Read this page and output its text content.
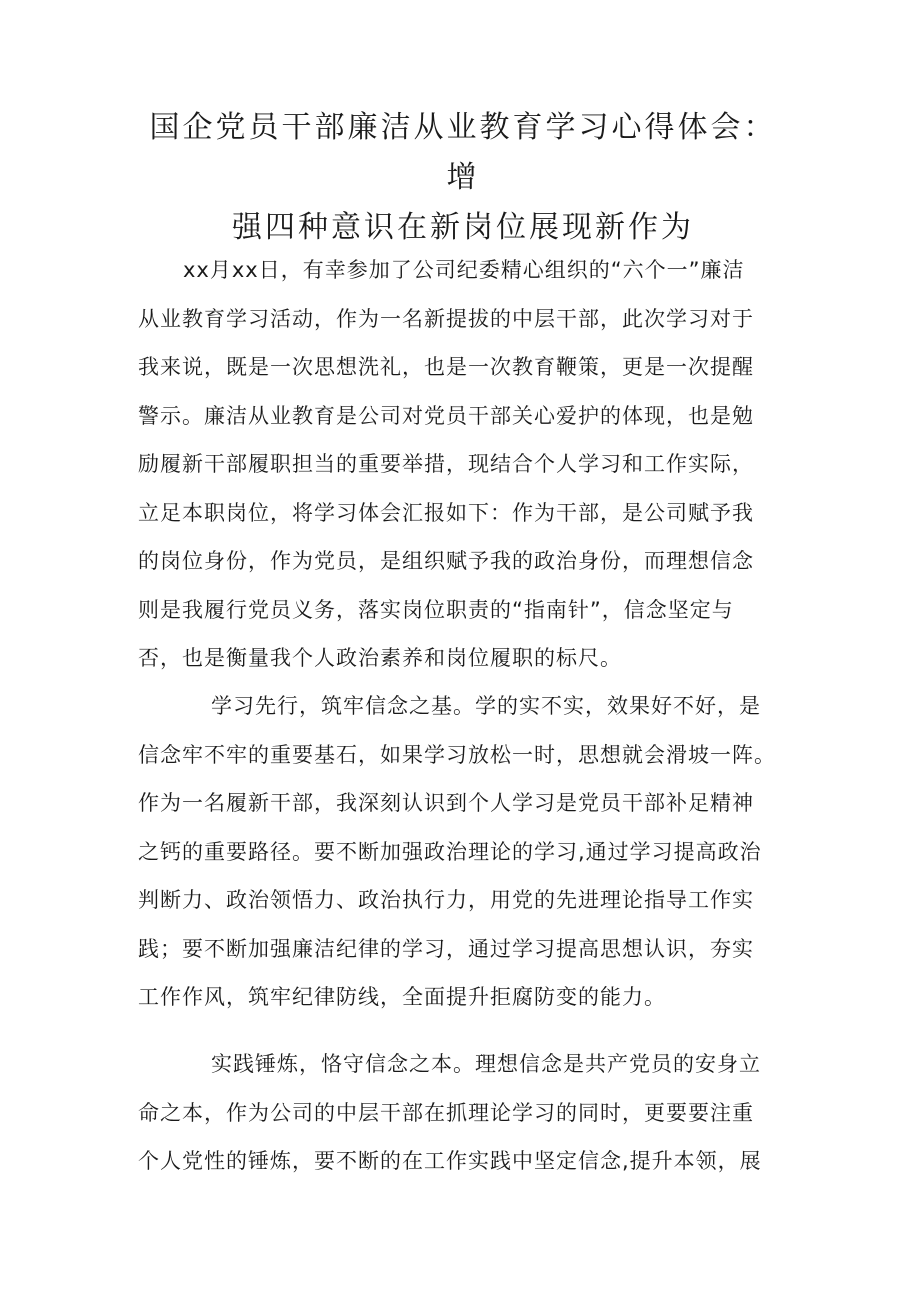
国企党员干部廉洁从业教育学习心得体会：增
强四种意识在新岗位展现新作为

xx月xx日，有幸参加了公司纪委精心组织的“六个一”廉洁
从业教育学习活动，作为一名新提拔的中层干部，此次学习对于
我来说，既是一次思想洗礼，也是一次教育鞭策，更是一次提醒
警示。廉洁从业教育是公司对党员干部关心爱护的体现，也是勉
励履新干部履职担当的重要举措，现结合个人学习和工作实际，
立足本职岗位，将学习体会汇报如下：作为干部，是公司赋予我
的岗位身份，作为党员，是组织赋予我的政治身份，而理想信念
则是我履行党员义务，落实岗位职责的“指南针”，信念坚定与
否，也是衡量我个人政治素养和岗位履职的标尺。

学习先行，筑牢信念之基。学的实不实，效果好不好，是
信念牢不牢的重要基石，如果学习放松一时，思想就会滑坡一阵。
作为一名履新干部，我深刻认识到个人学习是党员干部补足精神
之钙的重要路径。要不断加强政治理论的学习,通过学习提高政治
判断力、政治领悟力、政治执行力，用党的先进理论指导工作实
践；要不断加强廉洁纪律的学习，通过学习提高思想认识，夯实
工作作风，筑牢纪律防线，全面提升拒腐防变的能力。

实践锤炼，恪守信念之本。理想信念是共产党员的安身立
命之本，作为公司的中层干部在抓理论学习的同时，更要要注重
个人党性的锤炼，要不断的在工作实践中坚定信念,提升本领，展
